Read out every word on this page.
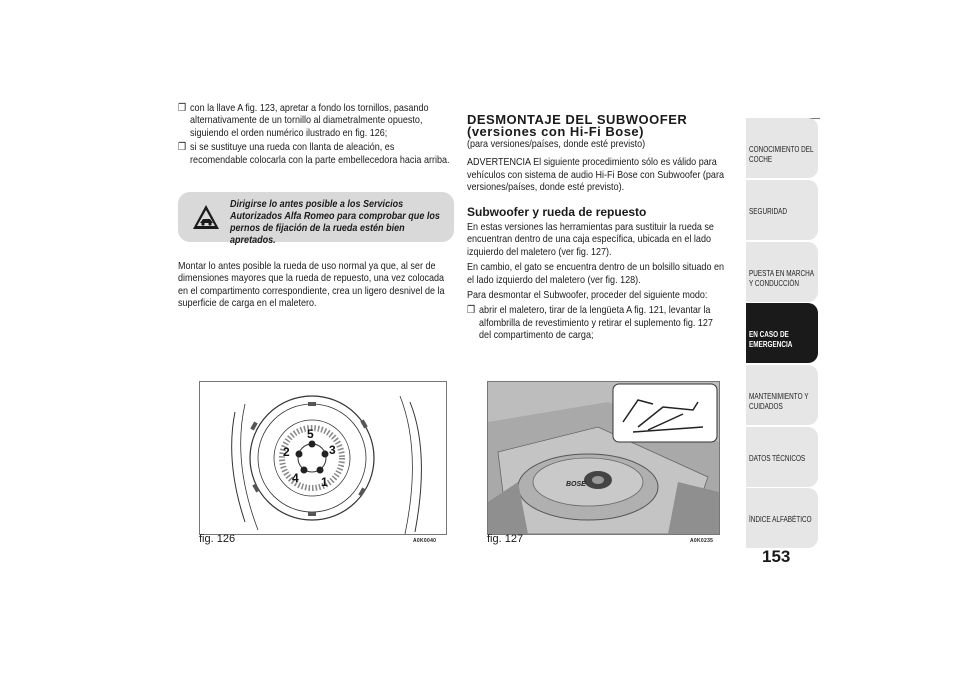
❒ con la llave A fig. 123, apretar a fondo los tornillos, pasando alternativamente de un tornillo al diametralmente opuesto, siguiendo el orden numérico ilustrado en fig. 126;
❒ si se sustituye una rueda con llanta de aleación, es recomendable colocarla con la parte embellecedora hacia arriba.
Dirigirse lo antes posible a los Servicios Autorizados Alfa Romeo para comprobar que los pernos de fijación de la rueda estén bien apretados.
Montar lo antes posible la rueda de uso normal ya que, al ser de dimensiones mayores que la rueda de repuesto, una vez colocada en el compartimento correspondiente, crea un ligero desnivel de la superficie de carga en el maletero.
DESMONTAJE DEL SUBWOOFER
(versiones con Hi-Fi Bose)
(para versiones/países, donde esté previsto)
ADVERTENCIA El siguiente procedimiento sólo es válido para vehículos con sistema de audio Hi-Fi Bose con Subwoofer (para versiones/países, donde esté previsto).
Subwoofer y rueda de repuesto
En estas versiones las herramientas para sustituir la rueda se encuentran dentro de una caja específica, ubicada en el lado izquierdo del maletero (ver fig. 127).
En cambio, el gato se encuentra dentro de un bolsillo situado en el lado izquierdo del maletero (ver fig. 128).
Para desmontar el Subwoofer, proceder del siguiente modo:
❒ abrir el maletero, tirar de la lengüeta A fig. 121, levantar la alfombrilla de revestimiento y retirar el suplemento fig. 127 del compartimento de carga;
5
2	3
4 1
fig. 126	A0K0040
BOSE
fig. 127	A0K0235
CONOCIMIENTO DEL
COCHE
SEGURIDAD
PUESTA EN MARCHA
Y CONDUCCIÓN
EN CASO DE
EMERGENCIA
MANTENIMIENTO Y
CUIDADOS
DATOS TÉCNICOS
ÍNDICE ALFABÉTICO
153
